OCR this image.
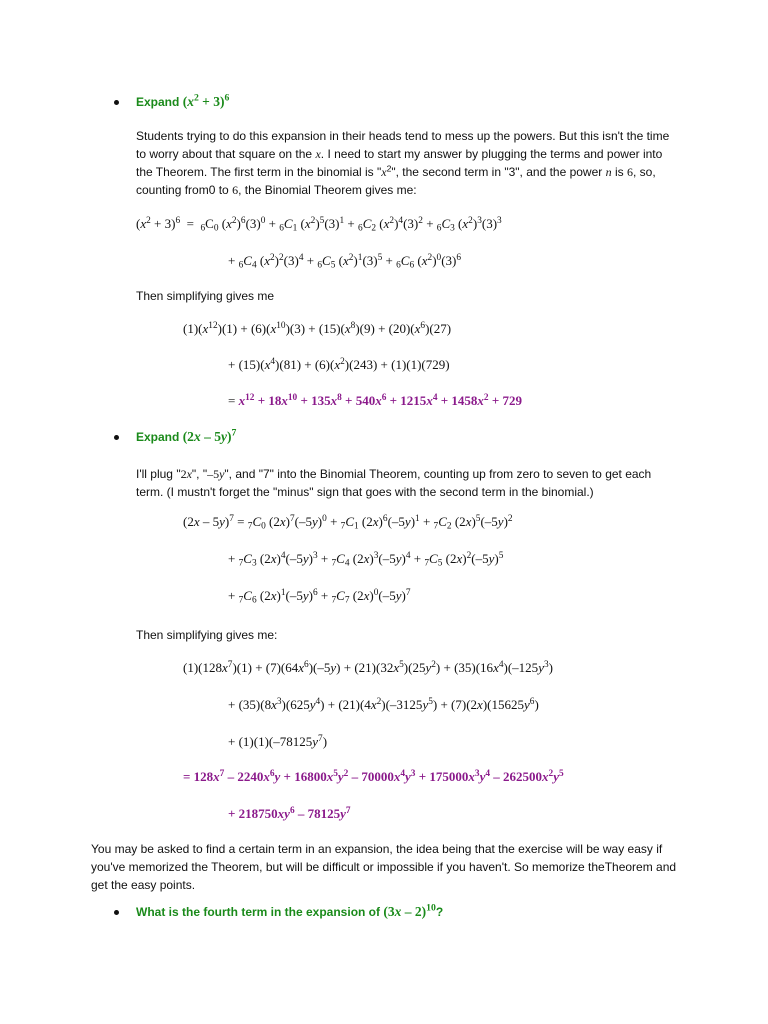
Expand $(x^2 + 3)^6$
Students trying to do this expansion in their heads tend to mess up the powers. But this isn't the time to worry about that square on the x. I need to start my answer by plugging the terms and power into the Theorem. The first term in the binomial is "$x^2$", the second term in "3", and the power n is 6, so, counting from0 to 6, the Binomial Theorem gives me:
$(x^2 + 3)^6 = _6C_0$ $(x^2)^6(3)^0 + _6C_1$ $(x^2)^5(3)^1 + _6C_2$ $(x^2)^4(3)^2 + _6C_3$ $(x^2)^3(3)^3$
+ $_6C_4$ $(x^2)^2(3)^4 + _6C_5$ $(x^2)^1(3)^5 + _6C_6$ $(x^2)^0(3)^6$
Then simplifying gives me
$(1)(x^{12})(1) + (6)(x^{10})(3) + (15)(x^8)(9) + (20)(x^6)(27)$
+ $(15)(x^4)(81) + (6)(x^2)(243) + (1)(1)(729)$
= $x^{12} + 18x^{10} + 135x^8 + 540x^6 + 1215x^4 + 1458x^2 + 729$
Expand (2x – 5y)$^7$
I'll plug "2x", "–5y", and "7" into the Binomial Theorem, counting up from zero to seven to get each term. (I mustn't forget the "minus" sign that goes with the second term in the binomial.)
$(2x - 5y)^7 = _7C_0$ $(2x)^7(-5y)^0 + _7C_1$ $(2x)^6(-5y)^1 + _7C_2$ $(2x)^5(-5y)^2$
+ $_7C_3$ $(2x)^4(-5y)^3 + _7C_4$ $(2x)^3(-5y)^4 + _7C_5$ $(2x)^2(-5y)^5$
+ $_7C_6$ $(2x)^1(-5y)^6 + _7C_7$ $(2x)^0(-5y)^7$
Then simplifying gives me:
$(1)(128x^7)(1) + (7)(64x^6)(-5y) + (21)(32x^5)(25y^2) + (35)(16x^4)(-125y^3)$
+ $(35)(8x^3)(625y^4) + (21)(4x^2)(-3125y^5) + (7)(2x)(15625y^6)$
+ $(1)(1)(-78125y^7)$
= $128x^7 - 2240x^6y + 16800x^5y^2 - 70000x^4y^3 + 175000x^3y^4 - 262500x^2y^5$
+ $218750xy^6 - 78125y^7$
You may be asked to find a certain term in an expansion, the idea being that the exercise will be way easy if you've memorized the Theorem, but will be difficult or impossible if you haven't. So memorize theTheorem and get the easy points.
What is the fourth term in the expansion of (3x – 2)$^{10}$?
